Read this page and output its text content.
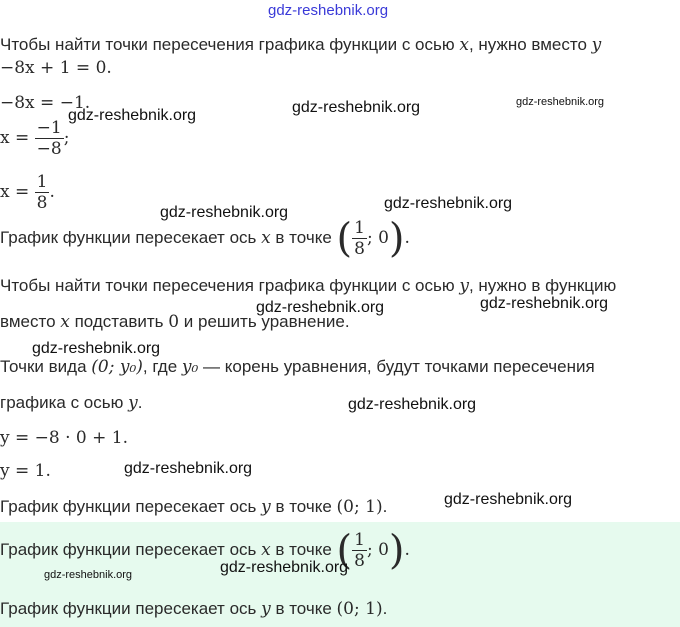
gdz-reshebnik.org
Чтобы найти точки пересечения графика функции с осью x, нужно вместо y
−8x + 1 = 0.
−8x = −1.
$x = \frac{-1}{-8}$ ;
$x = \frac{1}{8}$ .
График функции пересекает ось x в точке ( $\frac{1}{8}$ ; 0).
Чтобы найти точки пересечения графика функции с осью y, нужно в функцию
вместо x подставить 0 и решить уравнение.
Точки вида (0; y₀), где y₀ — корень уравнения, будут точками пересечения
графика с осью y.
y = −8 · 0 + 1.
y = 1.
График функции пересекает ось y в точке (0; 1).
График функции пересекает ось x в точке ( $\frac{1}{8}$ ; 0).
График функции пересекает ось y в точке (0; 1).
gdz-reshebnik.org	gdz-reshebnik.org	gdz-reshebnik.org
gdz-reshebnik.org
gdz-reshebnik.org
gdz-reshebnik.org	gdz-reshebnik.org
gdz-reshebnik.org
gdz-reshebnik.org
gdz-reshebnik.org
gdz-reshebnik.org
gdz-reshebnik.org
gdz-reshebnik.org
